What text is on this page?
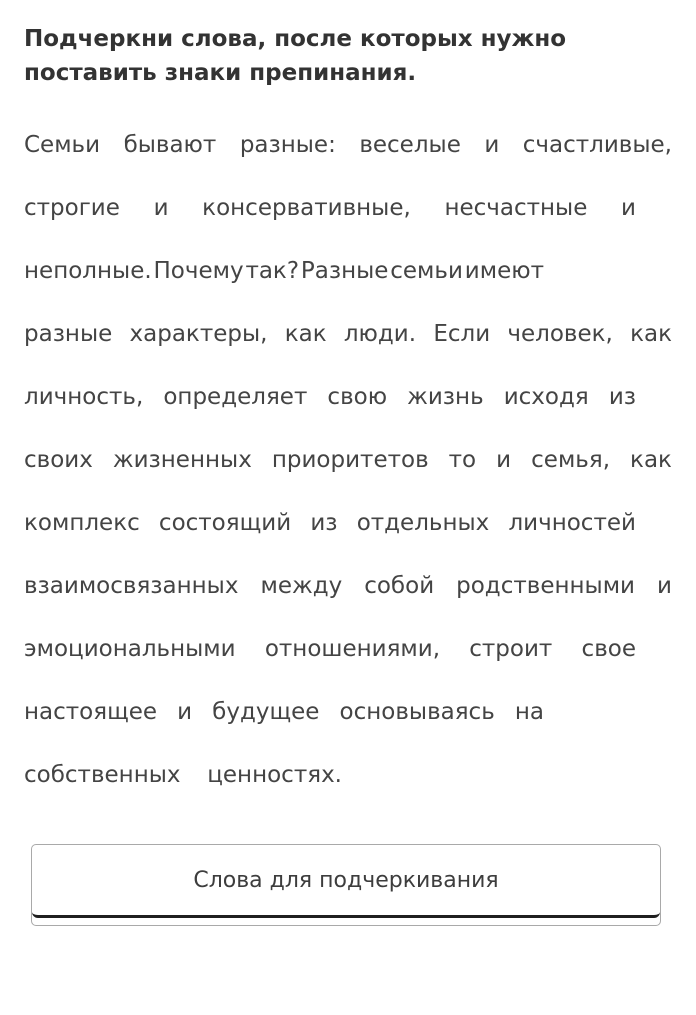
Подчеркни слова, после которых нужно поставить знаки препинания.
Семьи бывают разные: веселые и счастливые,
строгие и консервативные, несчастные и
неполные. Почему так? Разные семьи имеют
разные характеры, как люди. Если человек, как
личность, определяет свою жизнь исходя из
своих жизненных приоритетов то и семья, как
комплекс состоящий из отдельных личностей
взаимосвязанных между собой родственными и
эмоциональными отношениями, строит свое
настоящее и будущее основываясь на
собственных ценностях.
Слова для подчеркивания
